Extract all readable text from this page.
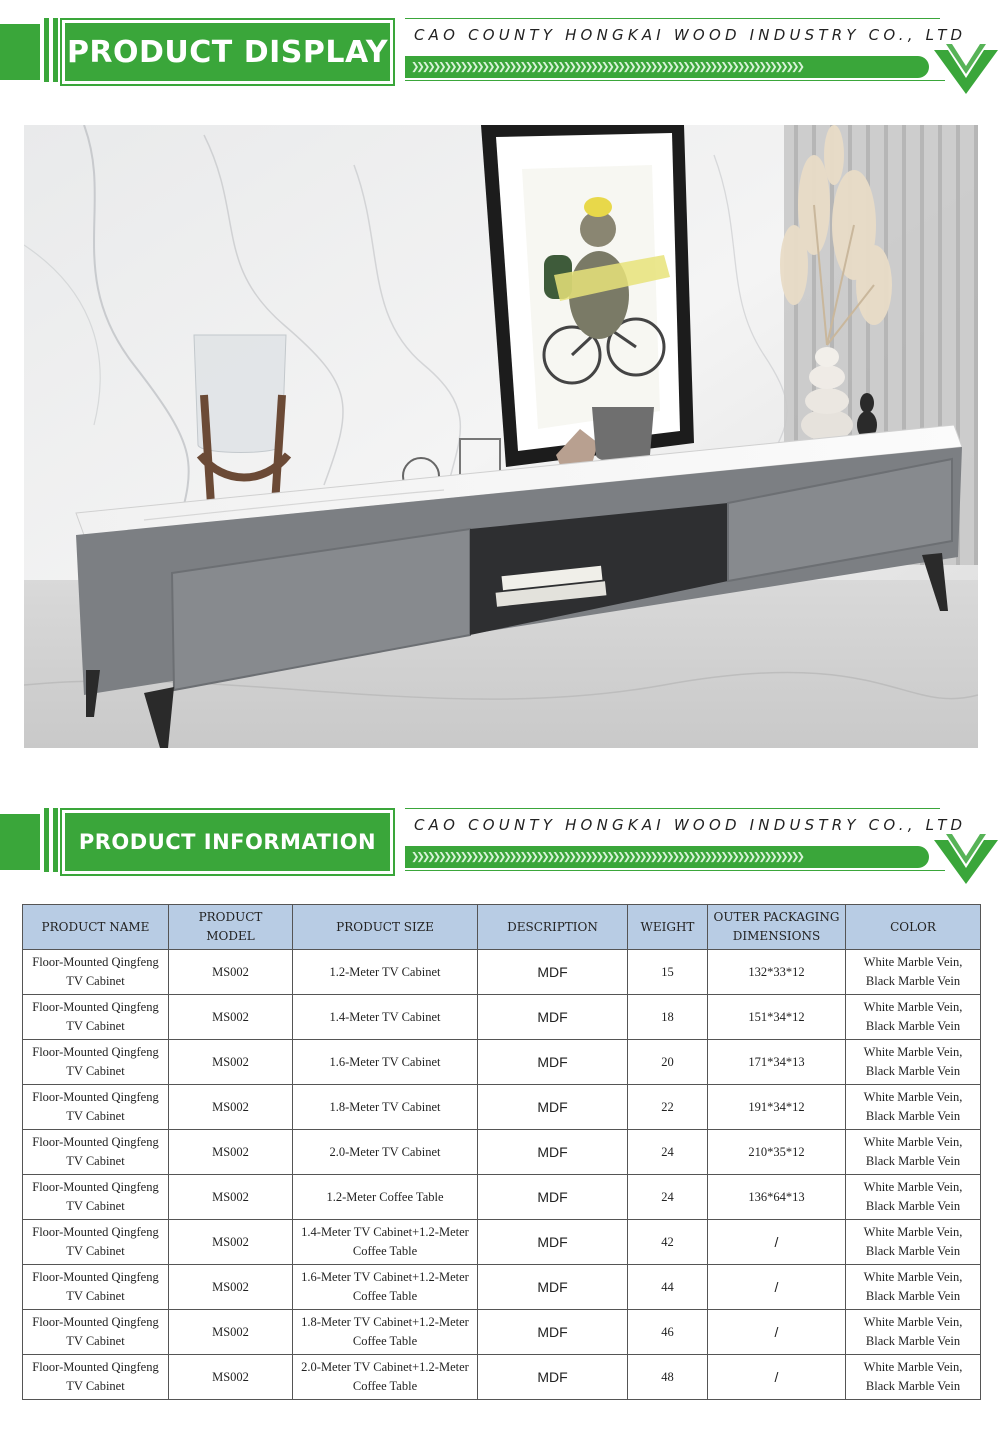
PRODUCT DISPLAY CAO COUNTY HONGKAI WOOD INDUSTRY CO., LTD
❯❯❯❯❯❯❯❯❯❯❯❯❯❯❯❯❯❯❯❯❯❯❯❯❯❯❯❯❯❯❯❯❯❯❯❯❯❯❯❯❯❯❯❯❯❯❯❯❯❯❯❯❯❯❯❯❯❯❯❯❯❯❯❯❯❯❯❯❯❯❯❯
PRODUCT INFORMATION
CAO COUNTY HONGKAI WOOD INDUSTRY CO., LTD
❯❯❯❯❯❯❯❯❯❯❯❯❯❯❯❯❯❯❯❯❯❯❯❯❯❯❯❯❯❯❯❯❯❯❯❯❯❯❯❯❯❯❯❯❯❯❯❯❯❯❯❯❯❯❯❯❯❯❯❯❯❯❯❯❯❯❯❯❯❯❯❯
PRODUCT NAME	PRODUCT MODEL	PRODUCT SIZE	DESCRIPTION	WEIGHT	OUTER PACKAGING DIMENSIONS	COLOR
Floor-Mounted Qingfeng TV Cabinet	MS002	1.2-Meter TV Cabinet	MDF	15	132*33*12	White Marble Vein, Black Marble Vein
Floor-Mounted Qingfeng TV Cabinet	MS002	1.4-Meter TV Cabinet	MDF	18	151*34*12	White Marble Vein, Black Marble Vein
Floor-Mounted Qingfeng TV Cabinet	MS002	1.6-Meter TV Cabinet	MDF	20	171*34*13	White Marble Vein, Black Marble Vein
Floor-Mounted Qingfeng TV Cabinet	MS002	1.8-Meter TV Cabinet	MDF	22	191*34*12	White Marble Vein, Black Marble Vein
Floor-Mounted Qingfeng TV Cabinet	MS002	2.0-Meter TV Cabinet	MDF	24	210*35*12	White Marble Vein, Black Marble Vein
Floor-Mounted Qingfeng TV Cabinet	MS002	1.2-Meter Coffee Table	MDF	24	136*64*13	White Marble Vein, Black Marble Vein
Floor-Mounted Qingfeng TV Cabinet	MS002	1.4-Meter TV Cabinet+1.2-Meter Coffee Table	MDF	42	/	White Marble Vein, Black Marble Vein
Floor-Mounted Qingfeng TV Cabinet	MS002	1.6-Meter TV Cabinet+1.2-Meter Coffee Table	MDF	44	/	White Marble Vein, Black Marble Vein
Floor-Mounted Qingfeng TV Cabinet	MS002	1.8-Meter TV Cabinet+1.2-Meter Coffee Table	MDF	46	/	White Marble Vein, Black Marble Vein
Floor-Mounted Qingfeng TV Cabinet	MS002	2.0-Meter TV Cabinet+1.2-Meter Coffee Table	MDF	48	/	White Marble Vein, Black Marble Vein
